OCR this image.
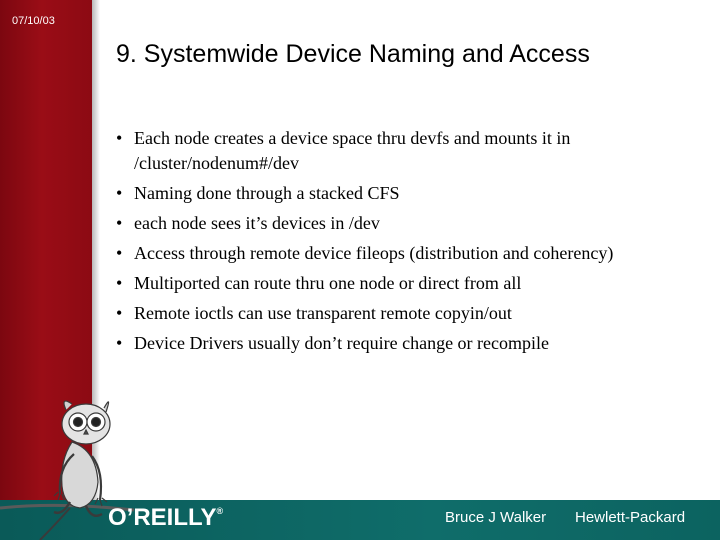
07/10/03
9. Systemwide Device Naming and Access
• Each node creates a device space thru devfs and mounts it in /cluster/nodenum#/dev
• Naming done through a stacked CFS
• each node sees it’s devices in /dev
• Access through remote device fileops (distribution and coherency)
• Multiported can route thru one node or direct from all
• Remote ioctls can use transparent remote copyin/out
• Device Drivers usually don’t require change or recompile
O’REILLY®	Bruce J Walker Hewlett-Packard
